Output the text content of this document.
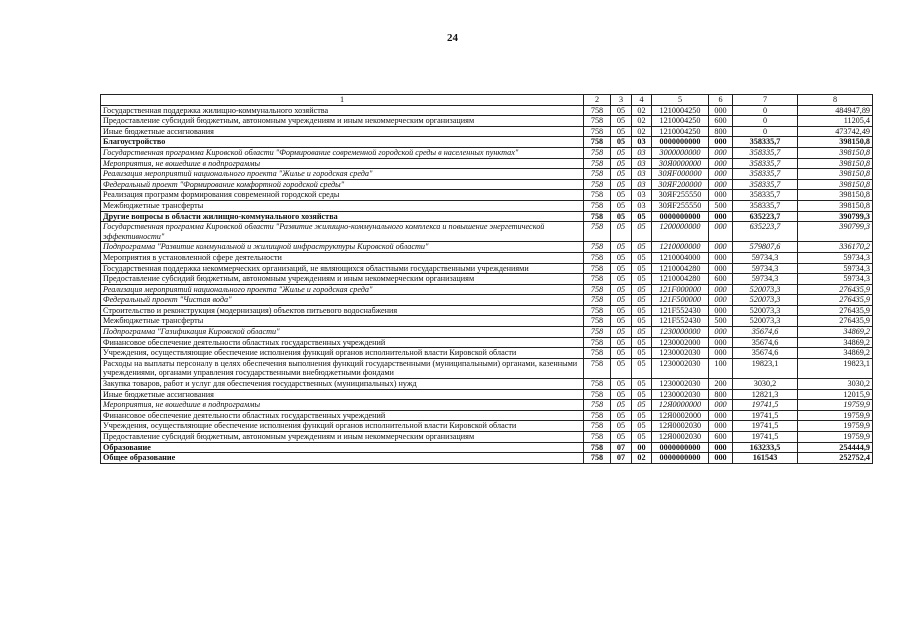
24
1	2	3	4	5	6	7	8
Государственная поддержка жилищно-коммунального хозяйства	758	05	02	1210004250	000	0	484947,89
Предоставление субсидий бюджетным, автономным учреждениям и иным некоммерческим организациям	758	05	02	1210004250	600	0	11205,4
Иные бюджетные ассигнования	758	05	02	1210004250	800	0	473742,49
Благоустройство	758	05	03	0000000000	000	358335,7	398150,8
Государственная программа Кировской области "Формирование современной городской среды в населенных пунктах"	758	05	03	3000000000	000	358335,7	398150,8
Мероприятия, не вошедшие в подпрограммы	758	05	03	30Я0000000	000	358335,7	398150,8
Реализация мероприятий национального проекта "Жилье и городская среда"	758	05	03	30ЯF000000	000	358335,7	398150,8
Федеральный проект "Формирование комфортной городской среды"	758	05	03	30ЯF200000	000	358335,7	398150,8
Реализация программ формирования современной городской среды	758	05	03	30ЯF255550	000	358335,7	398150,8
Межбюджетные трансферты	758	05	03	30ЯF255550	500	358335,7	398150,8
Другие вопросы в области жилищно-коммунального хозяйства	758	05	05	0000000000	000	635223,7	390799,3
Государственная программа Кировской области "Развитие жилищно-коммунального комплекса и повышение энергетической эффективности"	758	05	05	1200000000	000	635223,7	390799,3
Подпрограмма "Развитие коммунальной и жилищной инфраструктуры Кировской области"	758	05	05	1210000000	000	579807,6	336170,2
Мероприятия в установленной сфере деятельности	758	05	05	1210004000	000	59734,3	59734,3
Государственная поддержка некоммерческих организаций, не являющихся областными государственными учреждениями	758	05	05	1210004280	000	59734,3	59734,3
Предоставление субсидий бюджетным, автономным учреждениям и иным некоммерческим организациям	758	05	05	1210004280	600	59734,3	59734,3
Реализация мероприятий национального проекта "Жилье и городская среда"	758	05	05	121F000000	000	520073,3	276435,9
Федеральный проект "Чистая вода"	758	05	05	121F500000	000	520073,3	276435,9
Строительство и реконструкция (модернизация) объектов питьевого водоснабжения	758	05	05	121F552430	000	520073,3	276435,9
Межбюджетные трансферты	758	05	05	121F552430	500	520073,3	276435,9
Подпрограмма "Газификация Кировской области"	758	05	05	1230000000	000	35674,6	34869,2
Финансовое обеспечение деятельности областных государственных учреждений	758	05	05	1230002000	000	35674,6	34869,2
Учреждения, осуществляющие обеспечение исполнения функций органов исполнительной власти Кировской области	758	05	05	1230002030	000	35674,6	34869,2
Расходы на выплаты персоналу в целях обеспечения выполнения функций государственными (муниципальными) органами, казенными учреждениями, органами управления государственными внебюджетными фондами	758	05	05	1230002030	100	19823,1	19823,1
Закупка товаров, работ и услуг для обеспечения государственных (муниципальных) нужд	758	05	05	1230002030	200	3030,2	3030,2
Иные бюджетные ассигнования	758	05	05	1230002030	800	12821,3	12015,9
Мероприятия, не вошедшие в подпрограммы	758	05	05	12Я0000000	000	19741,5	19759,9
Финансовое обеспечение деятельности областных государственных учреждений	758	05	05	12Я0002000	000	19741,5	19759,9
Учреждения, осуществляющие обеспечение исполнения функций органов исполнительной власти Кировской области	758	05	05	12Я0002030	000	19741,5	19759,9
Предоставление субсидий бюджетным, автономным учреждениям и иным некоммерческим организациям	758	05	05	12Я0002030	600	19741,5	19759,9
Образование	758	07	00	0000000000	000	163233,5	254444,9
Общее образование	758	07	02	0000000000	000	161543	252752,4
